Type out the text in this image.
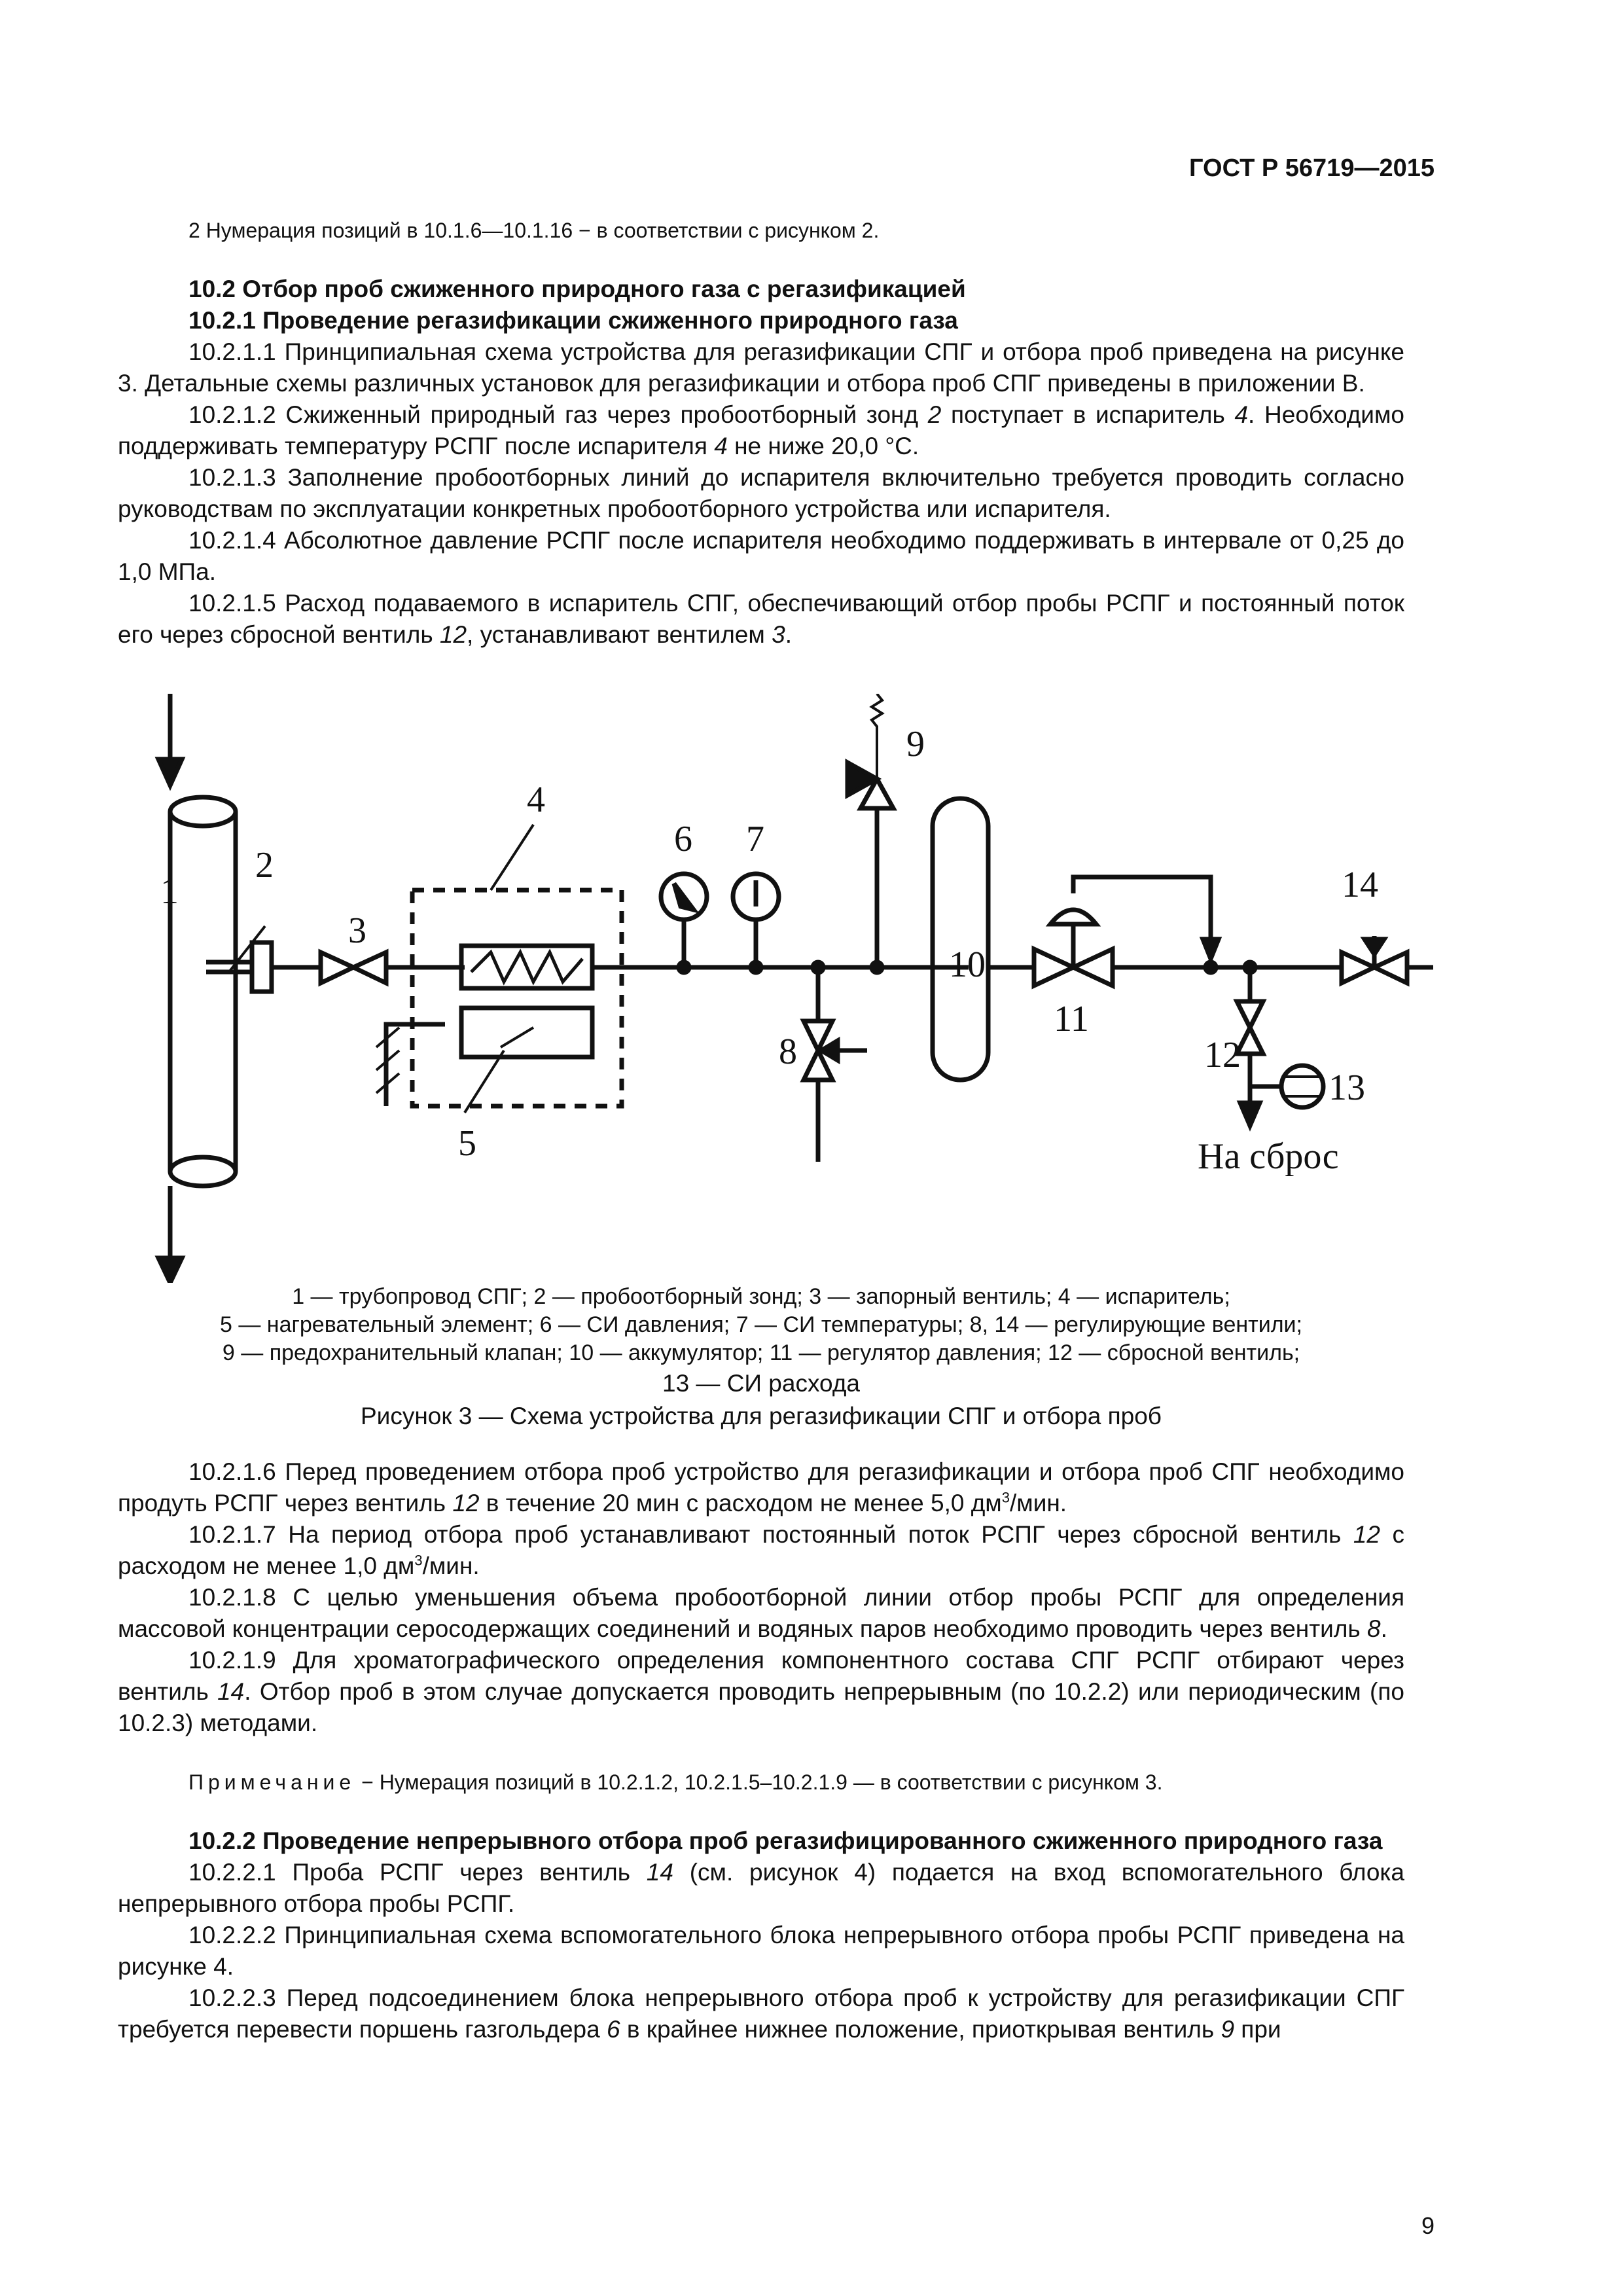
ГОСТ Р 56719—2015

2 Нумерация позиций в 10.1.6—10.1.16 − в соответствии с рисунком 2.

10.2 Отбор проб сжиженного природного газа с регазификацией

10.2.1 Проведение регазификации сжиженного природного газа

10.2.1.1 Принципиальная схема устройства для регазификации СПГ и отбора проб приведена на рисунке 3. Детальные схемы различных установок для регазификации и отбора проб СПГ приведены в приложении В.

10.2.1.2 Сжиженный природный газ через пробоотборный зонд 2 поступает в испаритель 4. Необходимо поддерживать температуру РСПГ после испарителя 4 не ниже 20,0 °С.

10.2.1.3 Заполнение пробоотборных линий до испарителя включительно требуется проводить согласно руководствам по эксплуатации конкретных пробоотборного устройства или испарителя.

10.2.1.4 Абсолютное давление РСПГ после испарителя необходимо поддерживать в интервале от 0,25 до 1,0 МПа.

10.2.1.5 Расход подаваемого в испаритель СПГ, обеспечивающий отбор пробы РСПГ и постоянный поток его через сбросной вентиль 12, устанавливают вентилем 3.

1
2
3
4
5
6 7
8
9
10
11
12
13
14
На сброс
1 — трубопровод СПГ; 2 — пробоотборный зонд; 3 — запорный вентиль; 4 — испаритель;
5 — нагревательный элемент; 6 — СИ давления; 7 — СИ температуры; 8, 14 — регулирующие вентили;
9 — предохранительный клапан; 10 — аккумулятор; 11 — регулятор давления; 12 — сбросной вентиль;
13 — СИ расхода
Рисунок 3 — Схема устройства для регазификации СПГ и отбора проб

10.2.1.6 Перед проведением отбора проб устройство для регазификации и отбора проб СПГ необходимо продуть РСПГ через вентиль 12 в течение 20 мин с расходом не менее 5,0 $дм^3$/мин.

10.2.1.7 На период отбора проб устанавливают постоянный поток РСПГ через сбросной вентиль 12 с расходом не менее 1,0 $дм^3$/мин.

10.2.1.8 С целью уменьшения объема пробоотборной линии отбор пробы РСПГ для определения массовой концентрации серосодержащих соединений и водяных паров необходимо проводить через вентиль 8.

10.2.1.9 Для хроматографического определения компонентного состава СПГ РСПГ отбирают через вентиль 14. Отбор проб в этом случае допускается проводить непрерывным (по 10.2.2) или периодическим (по 10.2.3) методами.

Примечание − Нумерация позиций в 10.2.1.2, 10.2.1.5–10.2.1.9 — в соответствии с рисунком 3.

10.2.2 Проведение непрерывного отбора проб регазифицированного сжиженного природного газа

10.2.2.1 Проба РСПГ через вентиль 14 (см. рисунок 4) подается на вход вспомогательного блока непрерывного отбора пробы РСПГ.

10.2.2.2 Принципиальная схема вспомогательного блока непрерывного отбора пробы РСПГ приведена на рисунке 4.

10.2.2.3 Перед подсоединением блока непрерывного отбора проб к устройству для регазификации СПГ требуется перевести поршень газгольдера 6 в крайнее нижнее положение, приоткрывая вентиль 9 при

9
